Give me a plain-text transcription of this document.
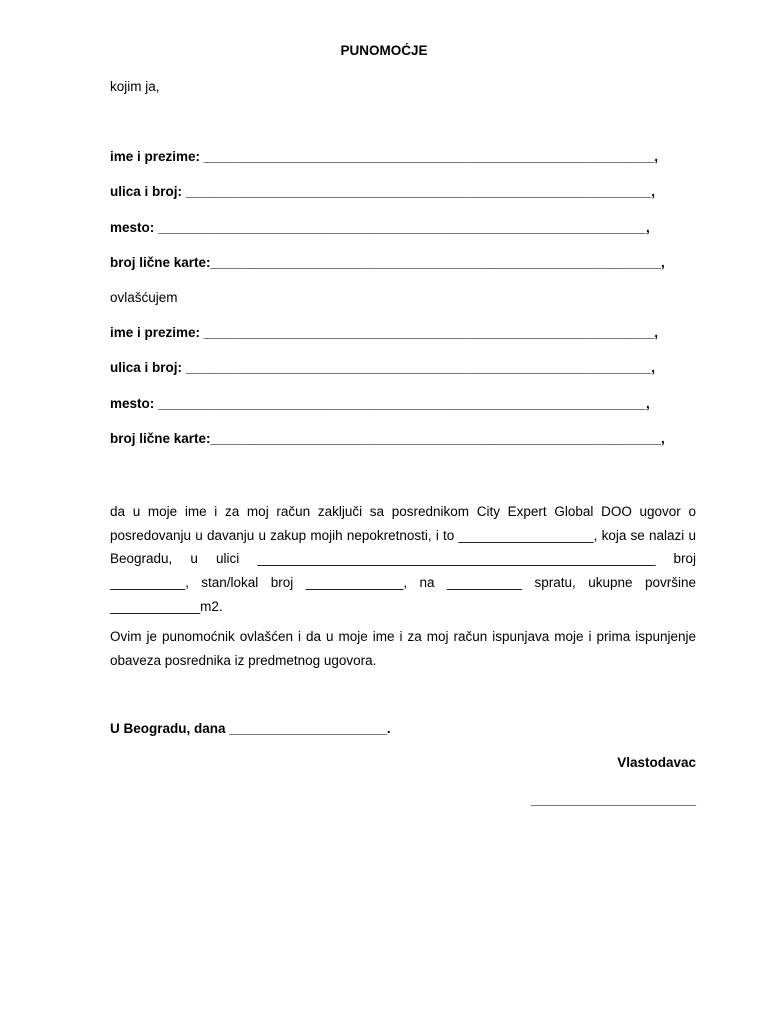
PUNOMOĆJE
kojim ja,
ime i prezime: ____________________________________________________________,
ulica i broj: ______________________________________________________________,
mesto: _________________________________________________________________,
broj lične karte:____________________________________________________________,
ovlašćujem
ime i prezime: ____________________________________________________________,
ulica i broj: ______________________________________________________________,
mesto: _________________________________________________________________,
broj lične karte:____________________________________________________________,
da u moje ime i za moj račun zaključi sa posrednikom City Expert Global DOO ugovor o posredovanju u davanju u zakup mojih nepokretnosti, i to __________________, koja se nalazi u Beogradu, u ulici _____________________________________________________ broj __________, stan/lokal broj _____________, na __________ spratu, ukupne površine ____________m2.
Ovim je punomoćnik ovlašćen i da u moje ime i za moj račun ispunjava moje i prima ispunjenje obaveza posrednika iz predmetnog ugovora.
U Beogradu, dana _____________________.
Vlastodavac
______________________
